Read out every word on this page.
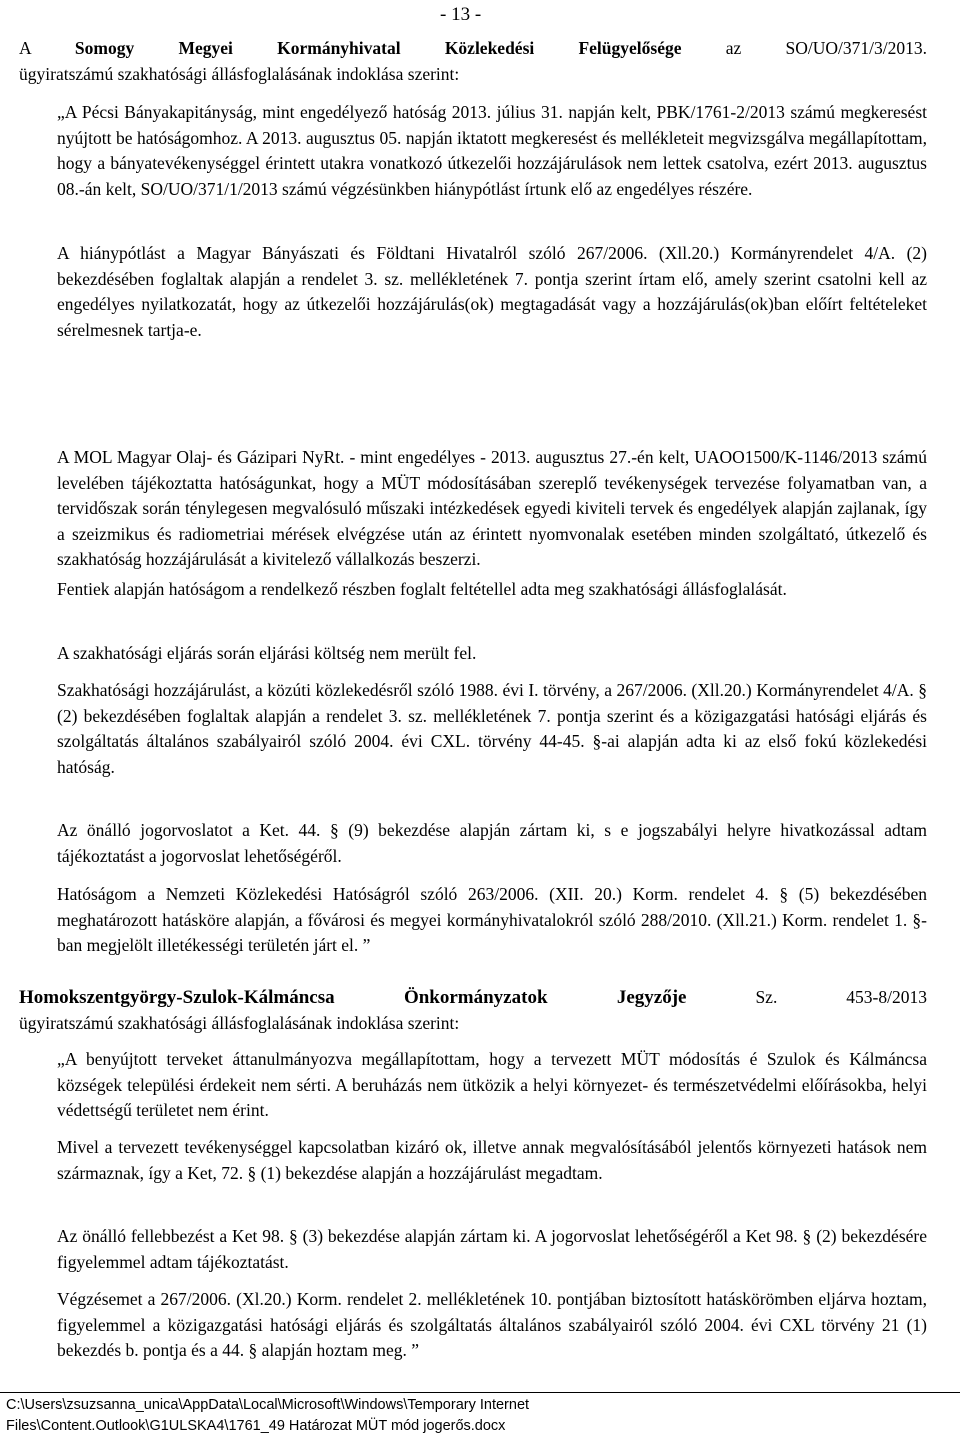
- 13 -

A	Somogy Megyei Kormányhivatal Közlekedési Felügyelősége	az	SO/UO/371/3/2013.

ügyiratszámú szakhatósági állásfoglalásának indoklása szerint:

„A Pécsi Bányakapitányság, mint engedélyező hatóság 2013. július 31. napján kelt, PBK/1761-2/2013 számú megkeresést nyújtott be hatóságomhoz. A 2013. augusztus 05. napján iktatott megkeresést és mellékleteit megvizsgálva megállapítottam, hogy a bányatevékenységgel érintett utakra vonatkozó útkezelői hozzájárulások nem lettek csatolva, ezért 2013. augusztus 08.-án kelt, SO/UO/371/1/2013 számú végzésünkben hiánypótlást írtunk elő az engedélyes részére.

A hiánypótlást a Magyar Bányászati és Földtani Hivatalról szóló 267/2006. (Xll.20.) Kormányrendelet 4/A. (2) bekezdésében foglaltak alapján a rendelet 3. sz. mellékletének 7. pontja szerint írtam elő, amely szerint csatolni kell az engedélyes nyilatkozatát, hogy az útkezelői hozzájárulás(ok) megtagadását vagy a hozzájárulás(ok)ban előírt feltételeket sérelmesnek tartja-e.

A MOL Magyar Olaj- és Gázipari NyRt. - mint engedélyes - 2013. augusztus 27.-én kelt, UAOO1500/K-1146/2013 számú levelében tájékoztatta hatóságunkat, hogy a MÜT módosításában szereplő tevékenységek tervezése folyamatban van, a tervidőszak során ténylegesen megvalósuló műszaki intézkedések egyedi kiviteli tervek és engedélyek alapján zajlanak, így a szeizmikus és radiometriai mérések elvégzése után az érintett nyomvonalak esetében minden szolgáltató, útkezelő és szakhatóság hozzájárulását a kivitelező vállalkozás beszerzi.

Fentiek alapján hatóságom a rendelkező részben foglalt feltétellel adta meg szakhatósági állásfoglalását.

A szakhatósági eljárás során eljárási költség nem merült fel.

Szakhatósági hozzájárulást, a közúti közlekedésről szóló 1988. évi I. törvény, a 267/2006. (Xll.20.) Kormányrendelet 4/A. § (2) bekezdésében foglaltak alapján a rendelet 3. sz. mellékletének 7. pontja szerint és a közigazgatási hatósági eljárás és szolgáltatás általános szabályairól szóló 2004. évi CXL. törvény 44-45. §-ai alapján adta ki az első fokú közlekedési hatóság.

Az önálló jogorvoslatot a Ket. 44. § (9) bekezdése alapján zártam ki, s e jogszabályi helyre hivatkozással adtam tájékoztatást a jogorvoslat lehetőségéről.

Hatóságom a Nemzeti Közlekedési Hatóságról szóló 263/2006. (XII. 20.) Korm. rendelet 4. § (5) bekezdésében meghatározott hatásköre alapján, a fővárosi és megyei kormányhivatalokról szóló 288/2010. (Xll.21.) Korm. rendelet 1. §-ban megjelölt illetékességi területén járt el. ”

Homokszentgyörgy-Szulok-Kálmáncsa Önkormányzatok Jegyzője	Sz. 453-8/2013

ügyiratszámú szakhatósági állásfoglalásának indoklása szerint:

„A benyújtott terveket áttanulmányozva megállapítottam, hogy a tervezett MÜT módosítás é Szulok és Kálmáncsa községek települési érdekeit nem sérti. A beruházás nem ütközik a helyi környezet- és természetvédelmi előírásokba, helyi védettségű területet nem érint.

Mivel a tervezett tevékenységgel kapcsolatban kizáró ok, illetve annak megvalósításából jelentős környezeti hatások nem származnak, így a Ket, 72. § (1) bekezdése alapján a hozzájárulást megadtam.

Az önálló fellebbezést a Ket 98. § (3) bekezdése alapján zártam ki. A jogorvoslat lehetőségéről a Ket 98. § (2) bekezdésére figyelemmel adtam tájékoztatást.

Végzésemet a 267/2006. (Xl.20.) Korm. rendelet 2. mellékletének 10. pontjában biztosított hatáskörömben eljárva hoztam, figyelemmel a közigazgatási hatósági eljárás és szolgáltatás általános szabályairól szóló 2004. évi CXL törvény 21 (1) bekezdés b. pontja és a 44. § alapján hoztam meg. ”

C:\Users\zsuzsanna_unica\AppData\Local\Microsoft\Windows\Temporary Internet
Files\Content.Outlook\G1ULSKA4\1761_49 Határozat MÜT mód jogerős.docx
